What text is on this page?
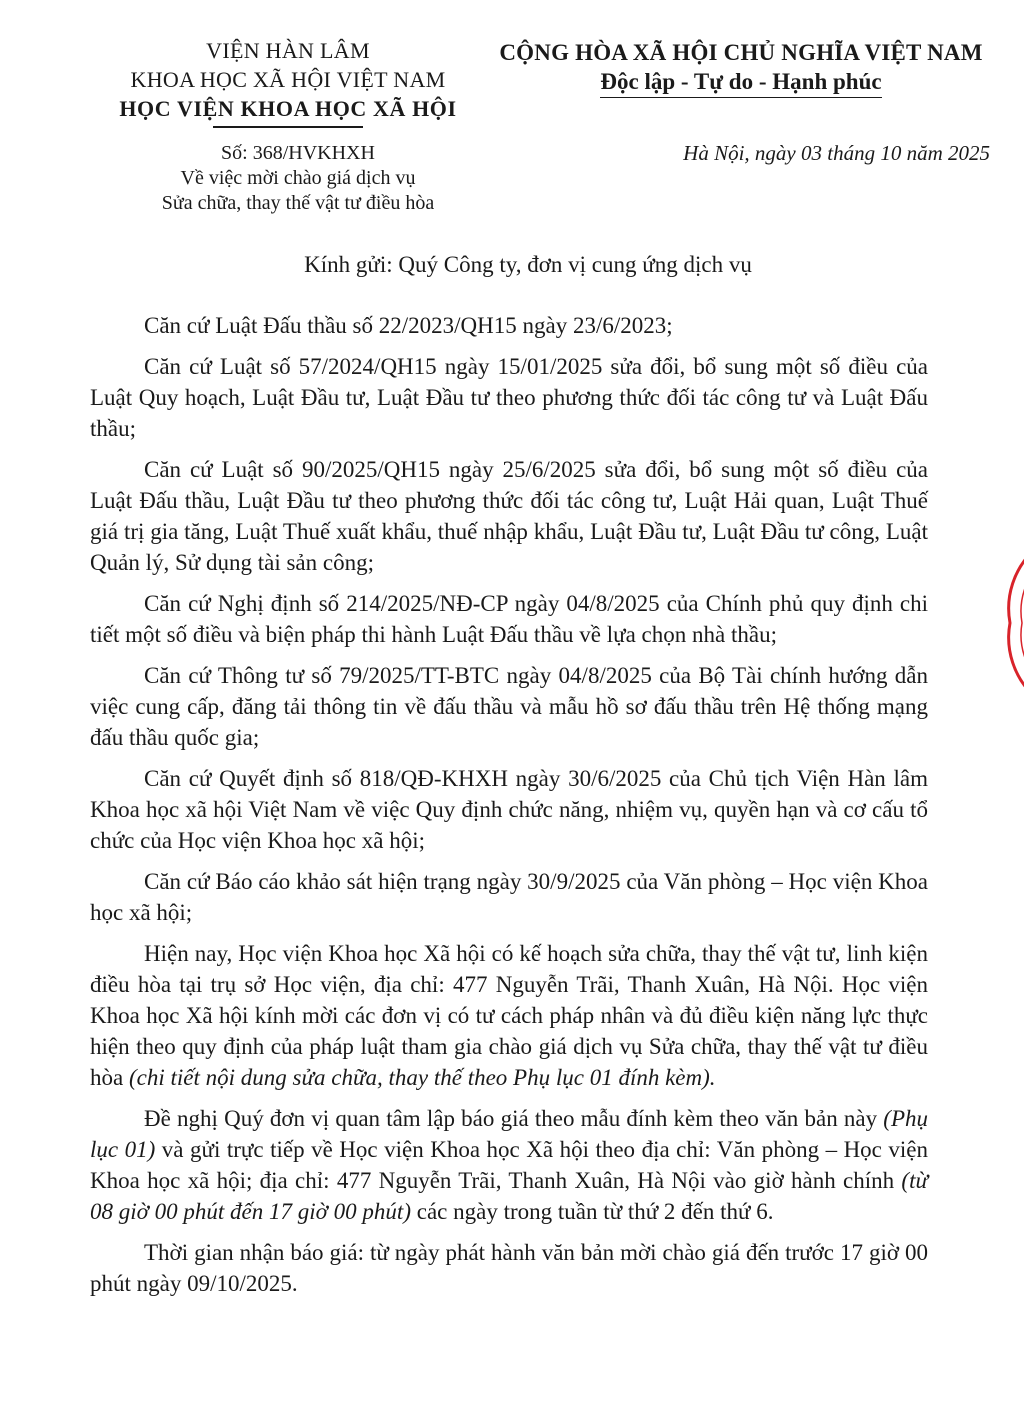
VIỆN HÀN LÂM
KHOA HỌC XÃ HỘI VIỆT NAM
HỌC VIỆN KHOA HỌC XÃ HỘI
CỘNG HÒA XÃ HỘI CHỦ NGHĨA VIỆT NAM
Độc lập - Tự do - Hạnh phúc
Số: 368/HVKHXH
Về việc mời chào giá dịch vụ
Sửa chữa, thay thế vật tư điều hòa
Hà Nội, ngày 03 tháng 10 năm 2025
Kính gửi: Quý Công ty, đơn vị cung ứng dịch vụ

Căn cứ Luật Đấu thầu số 22/2023/QH15 ngày 23/6/2023;

Căn cứ Luật số 57/2024/QH15 ngày 15/01/2025 sửa đổi, bổ sung một số điều của Luật Quy hoạch, Luật Đầu tư, Luật Đầu tư theo phương thức đối tác công tư và Luật Đấu thầu;

Căn cứ Luật số 90/2025/QH15 ngày 25/6/2025 sửa đổi, bổ sung một số điều của Luật Đấu thầu, Luật Đầu tư theo phương thức đối tác công tư, Luật Hải quan, Luật Thuế giá trị gia tăng, Luật Thuế xuất khẩu, thuế nhập khẩu, Luật Đầu tư, Luật Đầu tư công, Luật Quản lý, Sử dụng tài sản công;

Căn cứ Nghị định số 214/2025/NĐ-CP ngày 04/8/2025 của Chính phủ quy định chi tiết một số điều và biện pháp thi hành Luật Đấu thầu về lựa chọn nhà thầu;

Căn cứ Thông tư số 79/2025/TT-BTC ngày 04/8/2025 của Bộ Tài chính hướng dẫn việc cung cấp, đăng tải thông tin về đấu thầu và mẫu hồ sơ đấu thầu trên Hệ thống mạng đấu thầu quốc gia;

Căn cứ Quyết định số 818/QĐ-KHXH ngày 30/6/2025 của Chủ tịch Viện Hàn lâm Khoa học xã hội Việt Nam về việc Quy định chức năng, nhiệm vụ, quyền hạn và cơ cấu tổ chức của Học viện Khoa học xã hội;

Căn cứ Báo cáo khảo sát hiện trạng ngày 30/9/2025 của Văn phòng – Học viện Khoa học xã hội;

Hiện nay, Học viện Khoa học Xã hội có kế hoạch sửa chữa, thay thế vật tư, linh kiện điều hòa tại trụ sở Học viện, địa chỉ: 477 Nguyễn Trãi, Thanh Xuân, Hà Nội. Học viện Khoa học Xã hội kính mời các đơn vị có tư cách pháp nhân và đủ điều kiện năng lực thực hiện theo quy định của pháp luật tham gia chào giá dịch vụ Sửa chữa, thay thế vật tư điều hòa (chi tiết nội dung sửa chữa, thay thế theo Phụ lục 01 đính kèm).

Đề nghị Quý đơn vị quan tâm lập báo giá theo mẫu đính kèm theo văn bản này (Phụ lục 01) và gửi trực tiếp về Học viện Khoa học Xã hội theo địa chỉ: Văn phòng – Học viện Khoa học xã hội; địa chỉ: 477 Nguyễn Trãi, Thanh Xuân, Hà Nội vào giờ hành chính (từ 08 giờ 00 phút đến 17 giờ 00 phút) các ngày trong tuần từ thứ 2 đến thứ 6.

Thời gian nhận báo giá: từ ngày phát hành văn bản mời chào giá đến trước 17 giờ 00 phút ngày 09/10/2025.
